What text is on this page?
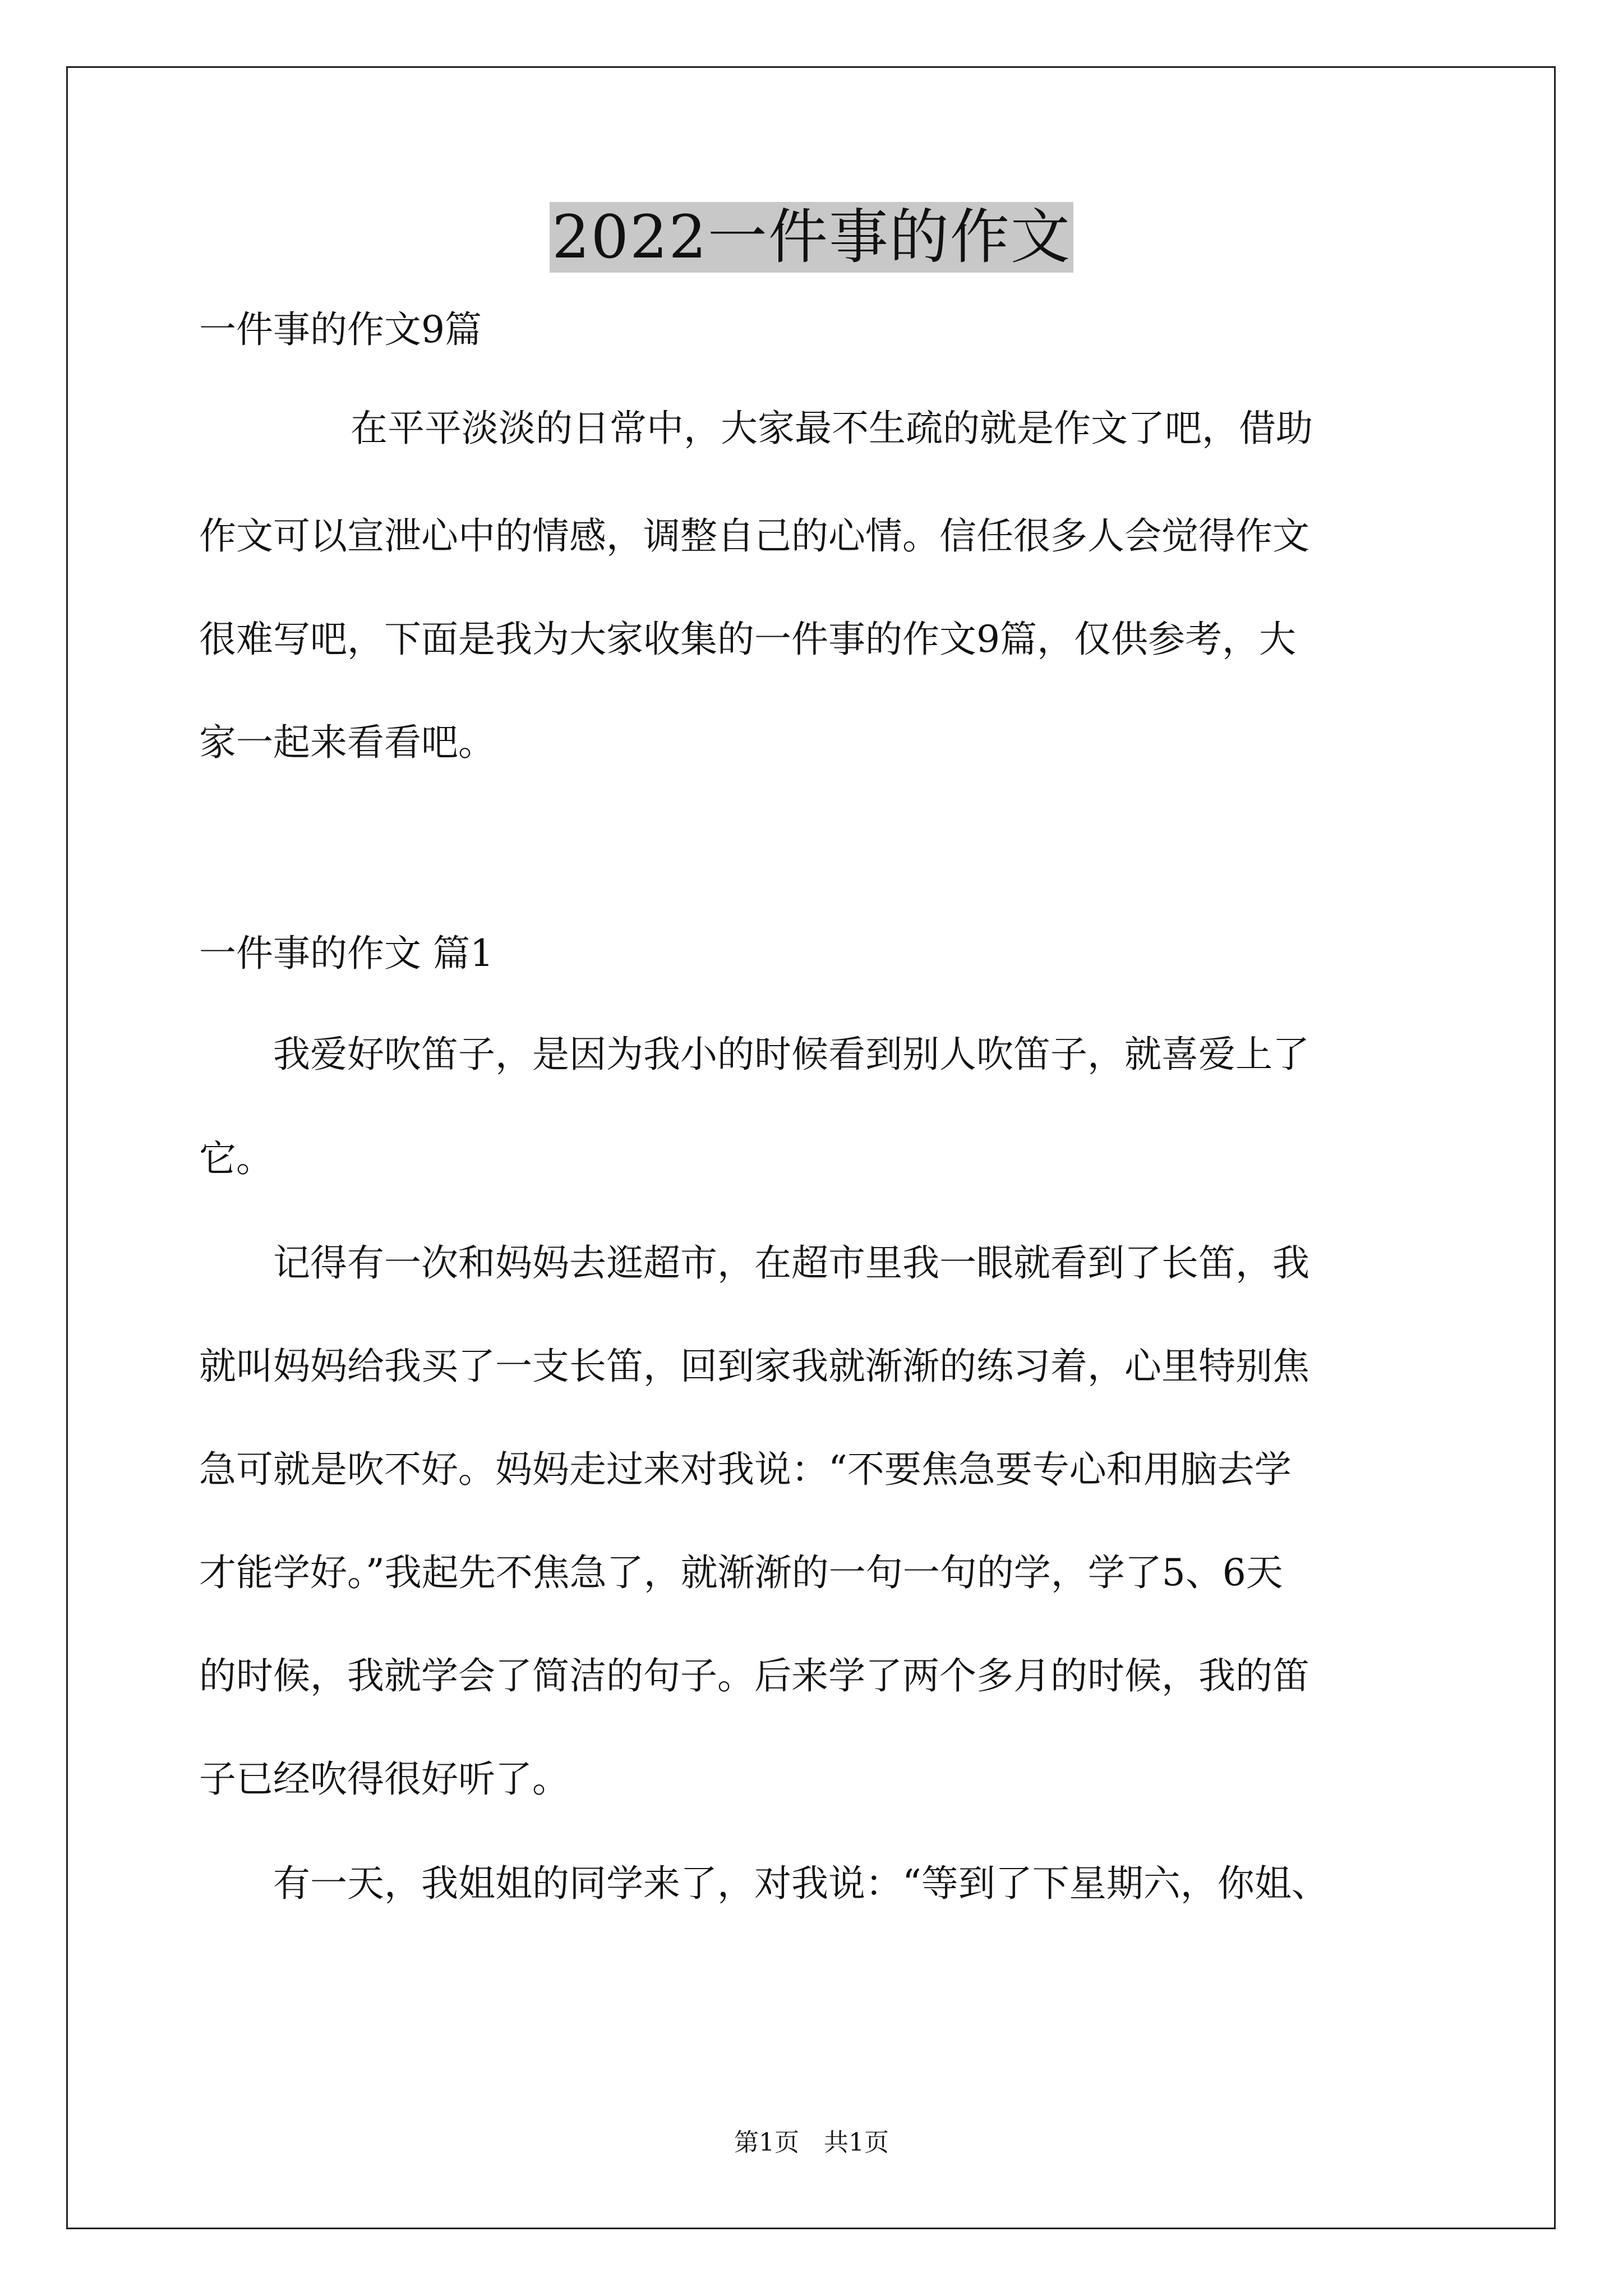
2022一件事的作文
一件事的作文9篇
在平平淡淡的日常中，大家最不生疏的就是作文了吧，借助
作文可以宣泄心中的情感，调整自己的心情。信任很多人会觉得作文
很难写吧，下面是我为大家收集的一件事的作文9篇，仅供参考，大
家一起来看看吧。
一件事的作文 篇1
我爱好吹笛子，是因为我小的时候看到别人吹笛子，就喜爱上了
它。
记得有一次和妈妈去逛超市，在超市里我一眼就看到了长笛，我
就叫妈妈给我买了一支长笛，回到家我就渐渐的练习着，心里特别焦
急可就是吹不好。妈妈走过来对我说：“不要焦急要专心和用脑去学
才能学好。”我起先不焦急了，就渐渐的一句一句的学，学了5、6天
的时候，我就学会了简洁的句子。后来学了两个多月的时候，我的笛
子已经吹得很好听了。
有一天，我姐姐的同学来了，对我说：“等到了下星期六，你姐、
第1页　共1页
